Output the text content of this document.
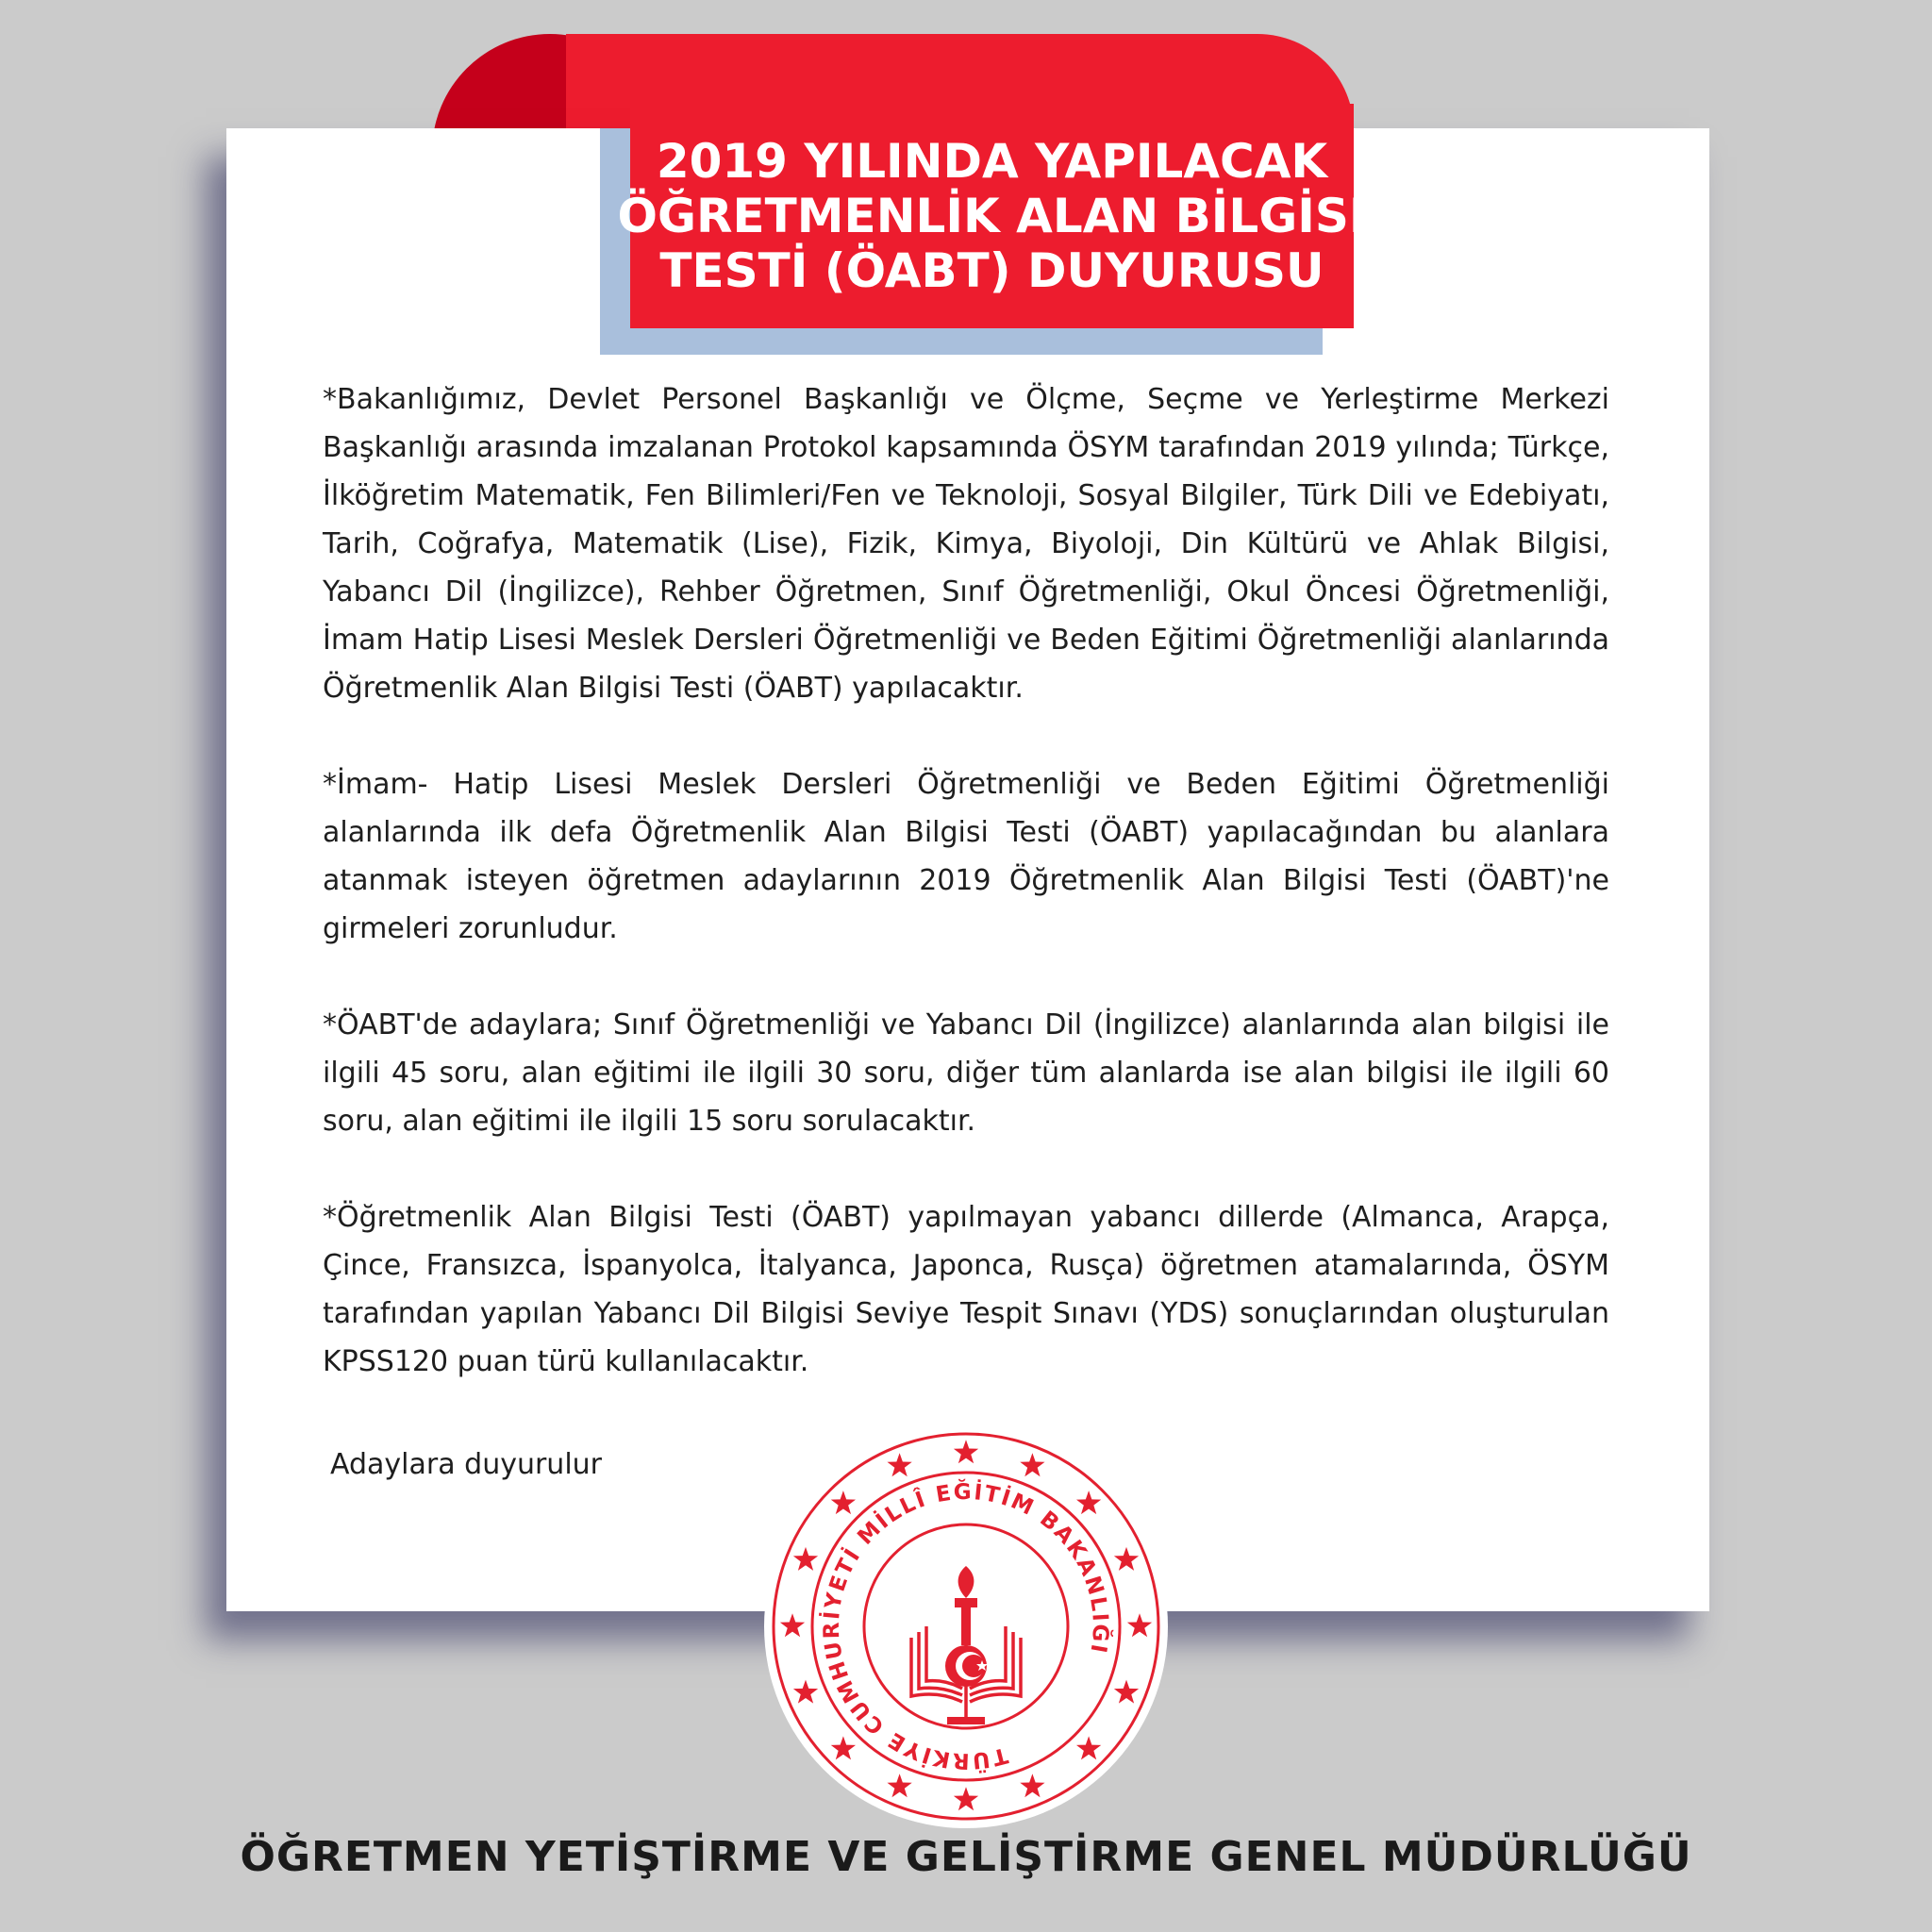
2019 YILINDA YAPILACAK
ÖĞRETMENLİK ALAN BİLGİSİ
TESTİ (ÖABT) DUYURUSU

*Bakanlığımız, Devlet Personel Başkanlığı ve Ölçme, Seçme ve Yerleştirme Merkezi Başkanlığı arasında imzalanan Protokol kapsamında ÖSYM tarafından 2019 yılında; Türkçe, İlköğretim Matematik, Fen Bilimleri/Fen ve Teknoloji, Sosyal Bilgiler, Türk Dili ve Edebiyatı, Tarih, Coğrafya, Matematik (Lise), Fizik, Kimya, Biyoloji, Din Kültürü ve Ahlak Bilgisi, Yabancı Dil (İngilizce), Rehber Öğretmen, Sınıf Öğretmenliği, Okul Öncesi Öğretmenliği, İmam Hatip Lisesi Meslek Dersleri Öğretmenliği ve Beden Eğitimi Öğretmenliği alanlarında Öğretmenlik Alan Bilgisi Testi (ÖABT) yapılacaktır.

*İmam- Hatip Lisesi Meslek Dersleri Öğretmenliği ve Beden Eğitimi Öğretmenliği alanlarında ilk defa Öğretmenlik Alan Bilgisi Testi (ÖABT) yapılacağından bu alanlara atanmak isteyen öğretmen adaylarının 2019 Öğretmenlik Alan Bilgisi Testi (ÖABT)'ne girmeleri zorunludur.

*ÖABT'de adaylara; Sınıf Öğretmenliği ve Yabancı Dil (İngilizce) alanlarında alan bilgisi ile ilgili 45 soru, alan eğitimi ile ilgili 30 soru, diğer tüm alanlarda ise alan bilgisi ile ilgili 60 soru, alan eğitimi ile ilgili 15 soru sorulacaktır.

*Öğretmenlik Alan Bilgisi Testi (ÖABT) yapılmayan yabancı dillerde (Almanca, Arapça, Çince, Fransızca, İspanyolca, İtalyanca, Japonca, Rusça) öğretmen atamalarında, ÖSYM tarafından yapılan Yabancı Dil Bilgisi Seviye Tespit Sınavı (YDS) sonuçlarından oluşturulan KPSS120 puan türü kullanılacaktır.

Adaylara duyurulur
TÜRKİYE CUMHURİYETİ MİLLÎ EĞİTİM BAKANLIĞI
ÖĞRETMEN YETİŞTİRME VE GELİŞTİRME GENEL MÜDÜRLÜĞÜ
